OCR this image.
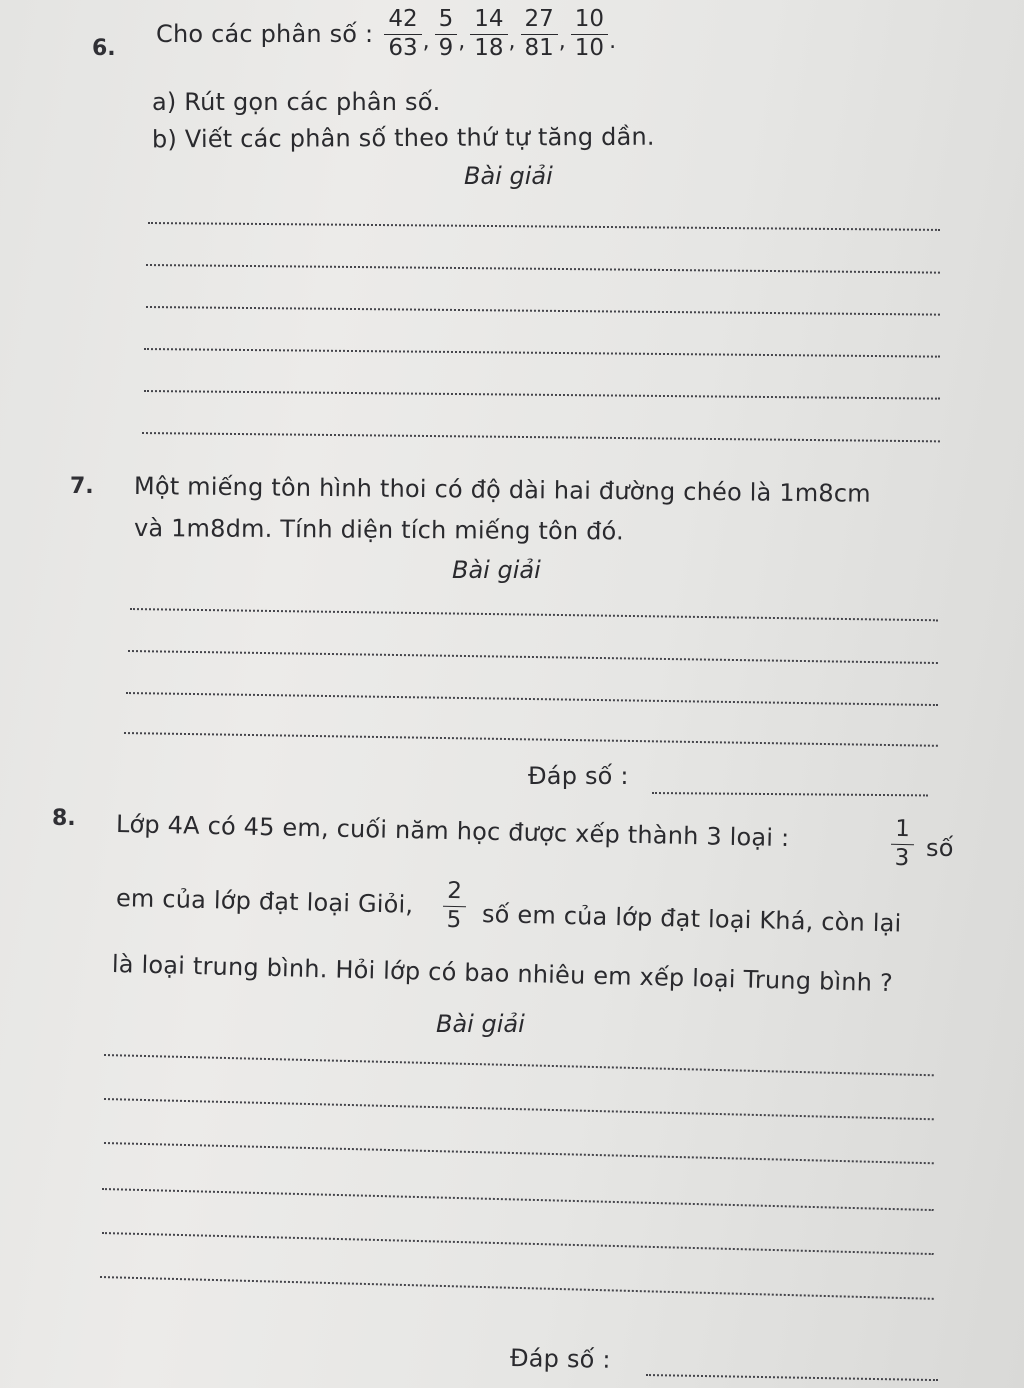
6.
Cho các phân số : $\frac{42}{63}$ , $\frac{5}{9}$ , $\frac{14}{18}$ , $\frac{27}{81}$ , $\frac{10}{10}$ .
a) Rút gọn các phân số.
b) Viết các phân số theo thứ tự tăng dần.
Bài giải
7. Một miếng tôn hình thoi có độ dài hai đường chéo là 1m8cm
và 1m8dm. Tính diện tích miếng tôn đó.
Bài giải
Đáp số :
8. Lớp 4A có 45 em, cuối năm học được xếp thành 3 loại :	1
3 số
em của lớp đạt loại Giỏi, 2
5 số em của lớp đạt loại Khá, còn lại
là loại trung bình. Hỏi lớp có bao nhiêu em xếp loại Trung bình ?
Bài giải
Đáp số :
